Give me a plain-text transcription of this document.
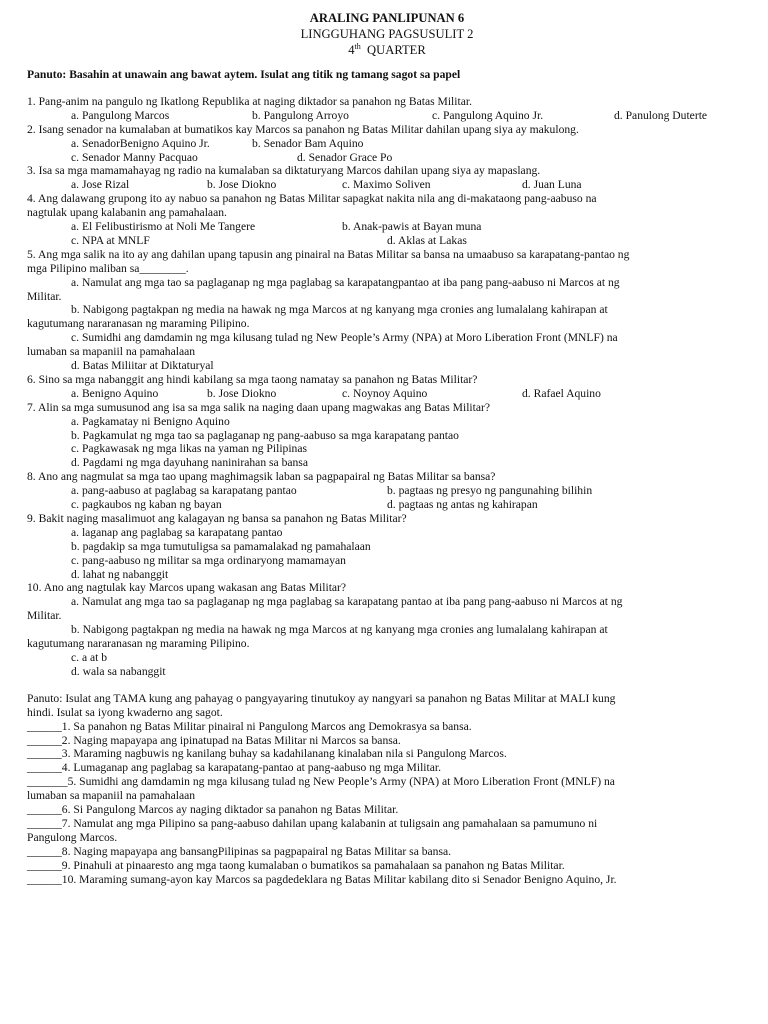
ARALING PANLIPUNAN 6
LINGGUHANG PAGSUSULIT 2
4th QUARTER
Panuto: Basahin at unawain ang bawat aytem. Isulat ang titik ng tamang sagot sa papel
1. Pang-anim na pangulo ng Ikatlong Republika at naging diktador sa panahon ng Batas Militar.
a. Pangulong Marcos	b. Pangulong Arroyo	c. Pangulong Aquino Jr.	d. Panulong Duterte
2. Isang senador na kumalaban at bumatikos kay Marcos sa panahon ng Batas Militar dahilan upang siya ay makulong.
a. SenadorBenigno Aquino Jr.	b. Senador Bam Aquino
c. Senador Manny Pacquao	d. Senador Grace Po
3. Isa sa mga mamamahayag ng radio na kumalaban sa diktaturyang Marcos dahilan upang siya ay mapaslang.
a. Jose Rizal	b. Jose Diokno	c. Maximo Soliven	d. Juan Luna
4. Ang dalawang grupong ito ay nabuo sa panahon ng Batas Militar sapagkat nakita nila ang di-makataong pang-aabuso na
nagtulak upang kalabanin ang pamahalaan.
a. El Felibustirismo at Noli Me Tangere	b. Anak-pawis at Bayan muna
c. NPA at MNLF	d. Aklas at Lakas
5. Ang mga salik na ito ay ang dahilan upang tapusin ang pinairal na Batas Militar sa bansa na umaabuso sa karapatang-pantao ng
mga Pilipino maliban sa________.
a. Namulat ang mga tao sa paglaganap ng mga paglabag sa karapatangpantao at iba pang pang-aabuso ni Marcos at ng
Militar.
b. Nabigong pagtakpan ng media na hawak ng mga Marcos at ng kanyang mga cronies ang lumalalang kahirapan at
kagutumang nararanasan ng maraming Pilipino.
c. Sumidhi ang damdamin ng mga kilusang tulad ng New People’s Army (NPA) at Moro Liberation Front (MNLF) na
lumaban sa mapaniil na pamahalaan
d. Batas Miliitar at Diktaturyal
6. Sino sa mga nabanggit ang hindi kabilang sa mga taong namatay sa panahon ng Batas Militar?
a. Benigno Aquino	b. Jose Diokno	c. Noynoy Aquino	d. Rafael Aquino
7. Alin sa mga sumusunod ang isa sa mga salik na naging daan upang magwakas ang Batas Militar?
a. Pagkamatay ni Benigno Aquino
b. Pagkamulat ng mga tao sa paglaganap ng pang-aabuso sa mga karapatang pantao
c. Pagkawasak ng mga likas na yaman ng Pilipinas
d. Pagdami ng mga dayuhang naninirahan sa bansa
8. Ano ang nagmulat sa mga tao upang maghimagsik laban sa pagpapairal ng Batas Militar sa bansa?
a. pang-aabuso at paglabag sa karapatang pantao	b. pagtaas ng presyo ng pangunahing bilihin
c. pagkaubos ng kaban ng bayan	d. pagtaas ng antas ng kahirapan
9. Bakit naging masalimuot ang kalagayan ng bansa sa panahon ng Batas Militar?
a. laganap ang paglabag sa karapatang pantao
b. pagdakip sa mga tumutuligsa sa pamamalakad ng pamahalaan
c. pang-aabuso ng militar sa mga ordinaryong mamamayan
d. lahat ng nabanggit
10. Ano ang nagtulak kay Marcos upang wakasan ang Batas Militar?
a. Namulat ang mga tao sa paglaganap ng mga paglabag sa karapatang pantao at iba pang pang-aabuso ni Marcos at ng
Militar.
b. Nabigong pagtakpan ng media na hawak ng mga Marcos at ng kanyang mga cronies ang lumalalang kahirapan at
kagutumang nararanasan ng maraming Pilipino.
c. a at b
d. wala sa nabanggit
Panuto: Isulat ang TAMA kung ang pahayag o pangyayaring tinutukoy ay nangyari sa panahon ng Batas Militar at MALI kung
hindi. Isulat sa iyong kwaderno ang sagot.
______1. Sa panahon ng Batas Militar pinairal ni Pangulong Marcos ang Demokrasya sa bansa.
______2. Naging mapayapa ang ipinatupad na Batas Militar ni Marcos sa bansa.
______3. Maraming nagbuwis ng kanilang buhay sa kadahilanang kinalaban nila si Pangulong Marcos.
______4. Lumaganap ang paglabag sa karapatang-pantao at pang-aabuso ng mga Militar.
_______5. Sumidhi ang damdamin ng mga kilusang tulad ng New People’s Army (NPA) at Moro Liberation Front (MNLF) na
lumaban sa mapaniil na pamahalaan
______6. Si Pangulong Marcos ay naging diktador sa panahon ng Batas Militar.
______7. Namulat ang mga Pilipino sa pang-aabuso dahilan upang kalabanin at tuligsain ang pamahalaan sa pamumuno ni
Pangulong Marcos.
______8. Naging mapayapa ang bansangPilipinas sa pagpapairal ng Batas Militar sa bansa.
______9. Pinahuli at pinaaresto ang mga taong kumalaban o bumatikos sa pamahalaan sa panahon ng Batas Militar.
______10. Maraming sumang-ayon kay Marcos sa pagdedeklara ng Batas Militar kabilang dito si Senador Benigno Aquino, Jr.
